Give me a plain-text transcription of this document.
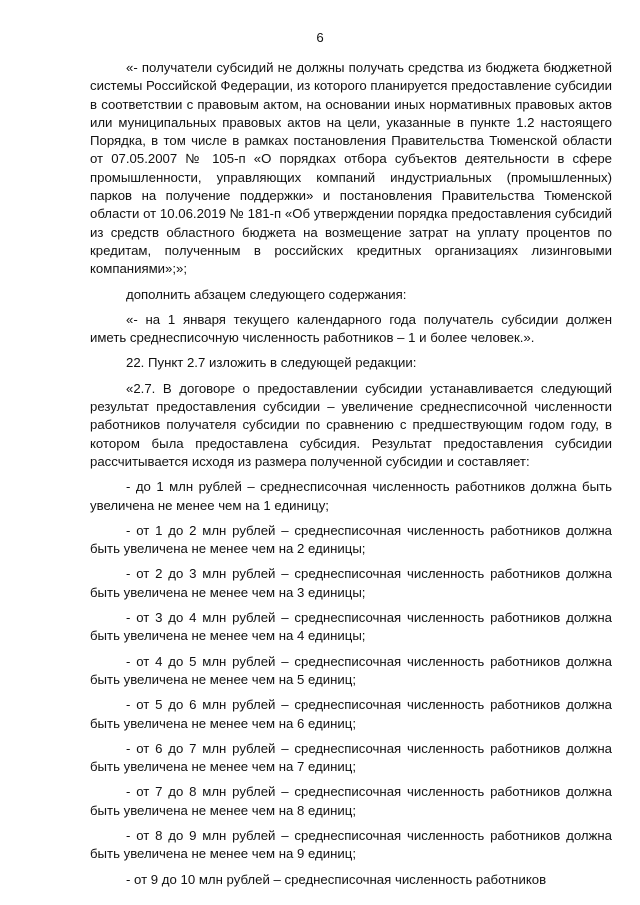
6

«- получатели субсидий не должны получать средства из бюджета бюджетной системы Российской Федерации, из которого планируется предоставление субсидии в соответствии с правовым актом, на основании иных нормативных правовых актов или муниципальных правовых актов на цели, указанные в пункте 1.2 настоящего Порядка, в том числе в рамках постановления Правительства Тюменской области от 07.05.2007 № 105-п «О порядках отбора субъектов деятельности в сфере промышленности, управляющих компаний индустриальных (промышленных) парков на получение поддержки» и постановления Правительства Тюменской области от 10.06.2019 № 181-п «Об утверждении порядка предоставления субсидий из средств областного бюджета на возмещение затрат на уплату процентов по кредитам, полученным в российских кредитных организациях лизинговыми компаниями»;»;

дополнить абзацем следующего содержания:

«- на 1 января текущего календарного года получатель субсидии должен иметь среднесписочную численность работников – 1 и более человек.».

22. Пункт 2.7 изложить в следующей редакции:

«2.7. В договоре о предоставлении субсидии устанавливается следующий результат предоставления субсидии – увеличение среднесписочной численности работников получателя субсидии по сравнению с предшествующим годом году, в котором была предоставлена субсидия. Результат предоставления субсидии рассчитывается исходя из размера полученной субсидии и составляет:

- до 1 млн рублей – среднесписочная численность работников должна быть увеличена не менее чем на 1 единицу;

- от 1 до 2 млн рублей – среднесписочная численность работников должна быть увеличена не менее чем на 2 единицы;

- от 2 до 3 млн рублей – среднесписочная численность работников должна быть увеличена не менее чем на 3 единицы;

- от 3 до 4 млн рублей – среднесписочная численность работников должна быть увеличена не менее чем на 4 единицы;

- от 4 до 5 млн рублей – среднесписочная численность работников должна быть увеличена не менее чем на 5 единиц;

- от 5 до 6 млн рублей – среднесписочная численность работников должна быть увеличена не менее чем на 6 единиц;

- от 6 до 7 млн рублей – среднесписочная численность работников должна быть увеличена не менее чем на 7 единиц;

- от 7 до 8 млн рублей – среднесписочная численность работников должна быть увеличена не менее чем на 8 единиц;

- от 8 до 9 млн рублей – среднесписочная численность работников должна быть увеличена не менее чем на 9 единиц;

- от 9 до 10 млн рублей – среднесписочная численность работников
